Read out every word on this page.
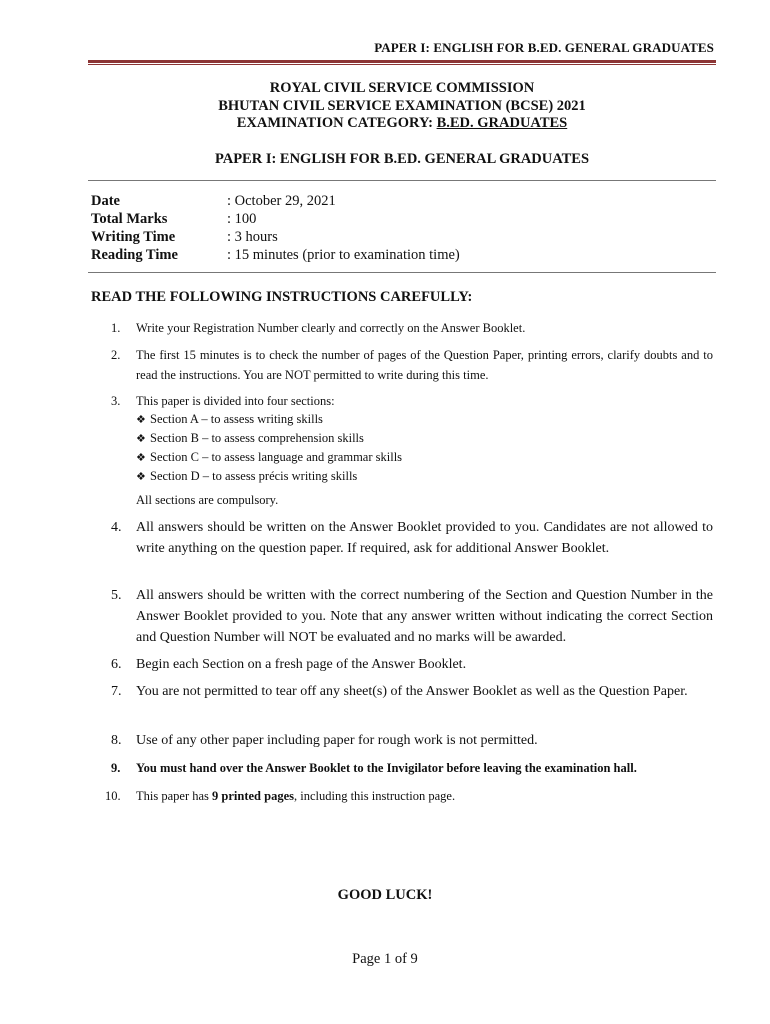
PAPER I: ENGLISH FOR B.ED. GENERAL GRADUATES
ROYAL CIVIL SERVICE COMMISSION
BHUTAN CIVIL SERVICE EXAMINATION (BCSE) 2021
EXAMINATION CATEGORY: B.ED. GRADUATES
PAPER I: ENGLISH FOR B.ED. GENERAL GRADUATES
Date	: October 29, 2021
Total Marks	: 100
Writing Time	: 3 hours
Reading Time	: 15 minutes (prior to examination time)
READ THE FOLLOWING INSTRUCTIONS CAREFULLY:
1. Write your Registration Number clearly and correctly on the Answer Booklet.
2. The first 15 minutes is to check the number of pages of the Question Paper, printing errors, clarify doubts and to read the instructions. You are NOT permitted to write during this time.
3. This paper is divided into four sections:
❖ Section A – to assess writing skills
❖ Section B – to assess comprehension skills
❖ Section C – to assess language and grammar skills
❖ Section D – to assess précis writing skills
All sections are compulsory.
4. All answers should be written on the Answer Booklet provided to you. Candidates are not allowed to write anything on the question paper. If required, ask for additional Answer Booklet.
5. All answers should be written with the correct numbering of the Section and Question Number in the Answer Booklet provided to you. Note that any answer written without indicating the correct Section and Question Number will NOT be evaluated and no marks will be awarded.
6. Begin each Section on a fresh page of the Answer Booklet.
7. You are not permitted to tear off any sheet(s) of the Answer Booklet as well as the Question Paper.
8. Use of any other paper including paper for rough work is not permitted.
9. You must hand over the Answer Booklet to the Invigilator before leaving the examination hall.
10. This paper has 9 printed pages, including this instruction page.
GOOD LUCK!
Page 1 of 9
